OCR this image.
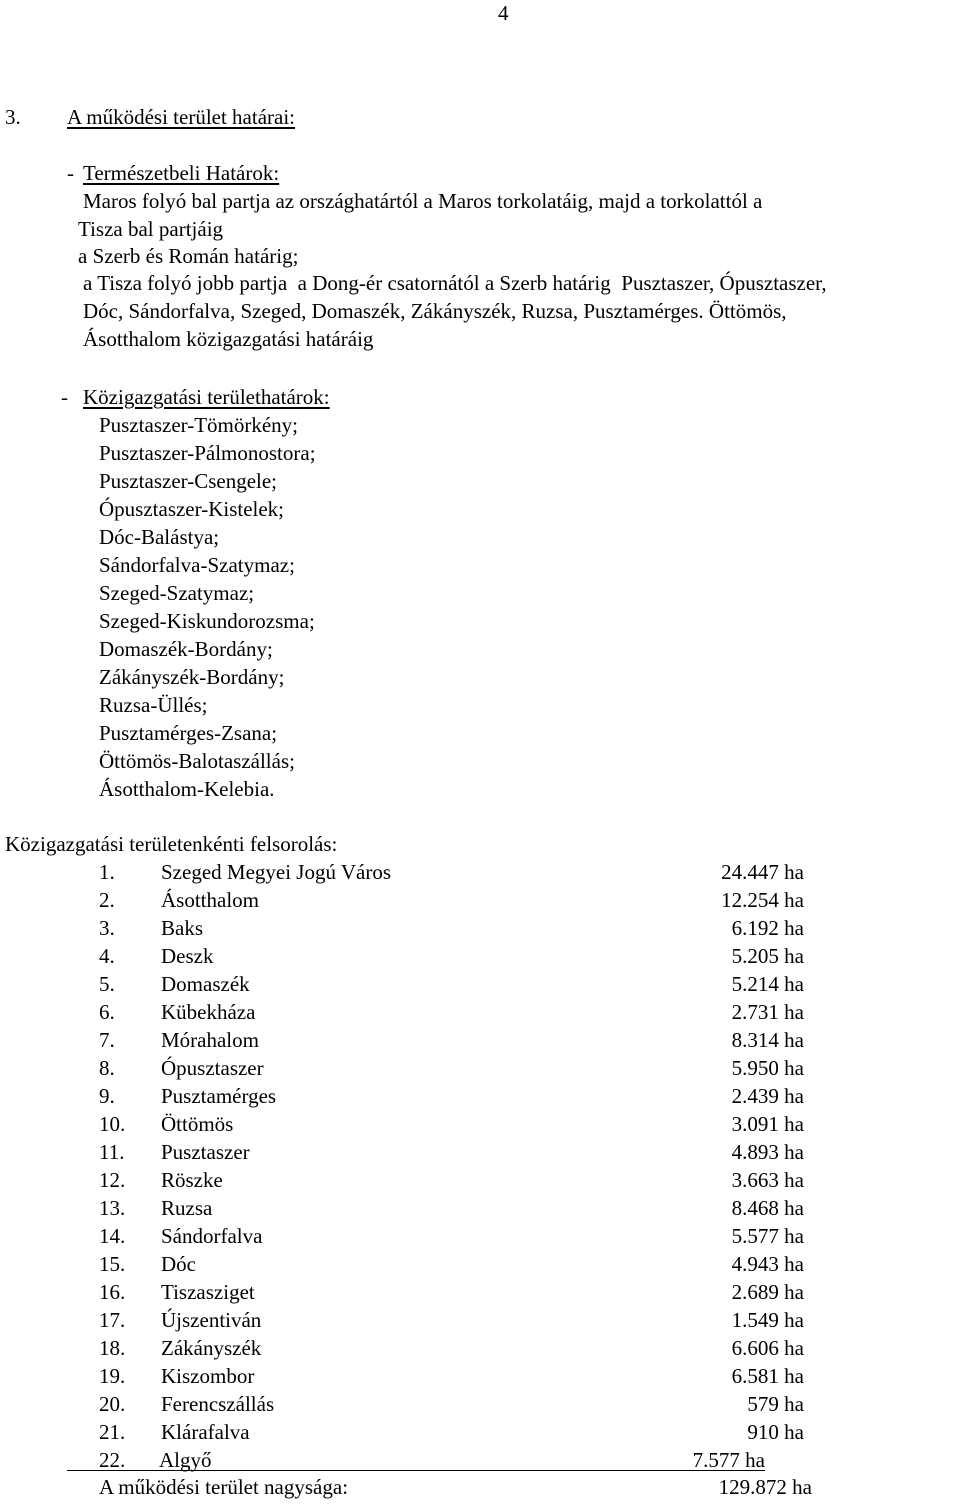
4
3. A működési terület határai:
- Természetbeli Határok:
Maros folyó bal partja az országhatártól a Maros torkolatáig, majd a torkolattól a
Tisza bal partjáig
a Szerb és Román határig;
a Tisza folyó jobb partja  a Dong-ér csatornától a Szerb határig  Pusztaszer, Ópusztaszer,
Dóc, Sándorfalva, Szeged, Domaszék, Zákányszék, Ruzsa, Pusztamérges. Öttömös,
Ásotthalom közigazgatási határáig
- Közigazgatási területhatárok:
Pusztaszer-Tömörkény;
Pusztaszer-Pálmonostora;
Pusztaszer-Csengele;
Ópusztaszer-Kistelek;
Dóc-Balástya;
Sándorfalva-Szatymaz;
Szeged-Szatymaz;
Szeged-Kiskundorozsma;
Domaszék-Bordány;
Zákányszék-Bordány;
Ruzsa-Üllés;
Pusztamérges-Zsana;
Öttömös-Balotaszállás;
Ásotthalom-Kelebia.
Közigazgatási területenkénti felsorolás:
1. Szeged Megyei Jogú Város	24.447 ha
2. Ásotthalom	12.254 ha
3. Baks	6.192 ha
4. Deszk	5.205 ha
5. Domaszék	5.214 ha
6. Kübekháza	2.731 ha
7. Mórahalom	8.314 ha
8. Ópusztaszer	5.950 ha
9. Pusztamérges	2.439 ha
10. Öttömös	3.091 ha
11. Pusztaszer	4.893 ha
12. Röszke	3.663 ha
13. Ruzsa	8.468 ha
14. Sándorfalva	5.577 ha
15. Dóc	4.943 ha
16. Tiszasziget	2.689 ha
17. Újszentiván	1.549 ha
18. Zákányszék	6.606 ha
19. Kiszombor	6.581 ha
20. Ferencszállás	579 ha
21. Klárafalva	910 ha
22. Algyő	7.577 ha
A működési terület nagysága:	129.872 ha
